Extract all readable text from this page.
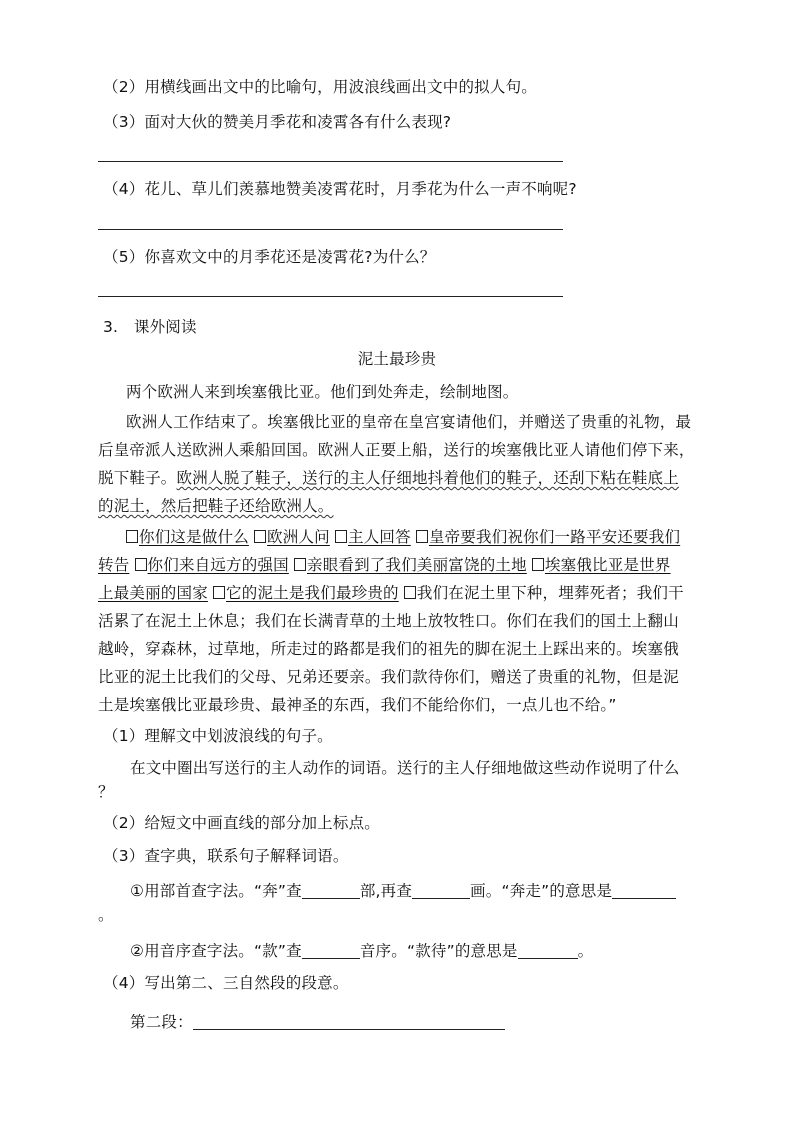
（2）用横线画出文中的比喻句，用波浪线画出文中的拟人句。
（3）面对大伙的赞美月季花和凌霄各有什么表现?
（4）花儿、草儿们羡慕地赞美凌霄花时，月季花为什么一声不响呢?
（5）你喜欢文中的月季花还是凌霄花?为什么？
3.　课外阅读
泥土最珍贵
两个欧洲人来到埃塞俄比亚。他们到处奔走，绘制地图。
欧洲人工作结束了。埃塞俄比亚的皇帝在皇宫宴请他们，并赠送了贵重的礼物，最
后皇帝派人送欧洲人乘船回国。欧洲人正要上船，送行的埃塞俄比亚人请他们停下来，
脱下鞋子。欧洲人脱了鞋子，送行的主人仔细地抖着他们的鞋子，还刮下粘在鞋底上
的泥土，然后把鞋子还给欧洲人。
你们这是做什么 欧洲人问 主人回答 皇帝要我们祝你们一路平安还要我们
转告 你们来自远方的强国 亲眼看到了我们美丽富饶的土地 埃塞俄比亚是世界
上最美丽的国家 它的泥土是我们最珍贵的 我们在泥土里下种，埋葬死者；我们干
活累了在泥土上休息；我们在长满青草的土地上放牧牲口。你们在我们的国土上翻山
越岭，穿森林，过草地，所走过的路都是我们的祖先的脚在泥土上踩出来的。埃塞俄
比亚的泥土比我们的父母、兄弟还要亲。我们款待你们，赠送了贵重的礼物，但是泥
土是埃塞俄比亚最珍贵、最神圣的东西，我们不能给你们，一点儿也不给。”
（1）理解文中划波浪线的句子。
在文中圈出写送行的主人动作的词语。送行的主人仔细地做这些动作说明了什么
？
（2）给短文中画直线的部分加上标点。
（3）查字典，联系句子解释词语。
①用部首查字法。“奔”查	部,再查	画。“奔走”的意思是
。
②用音序查字法。“款”查	音序。“款待”的意思是	。
（4）写出第二、三自然段的段意。
第二段：
